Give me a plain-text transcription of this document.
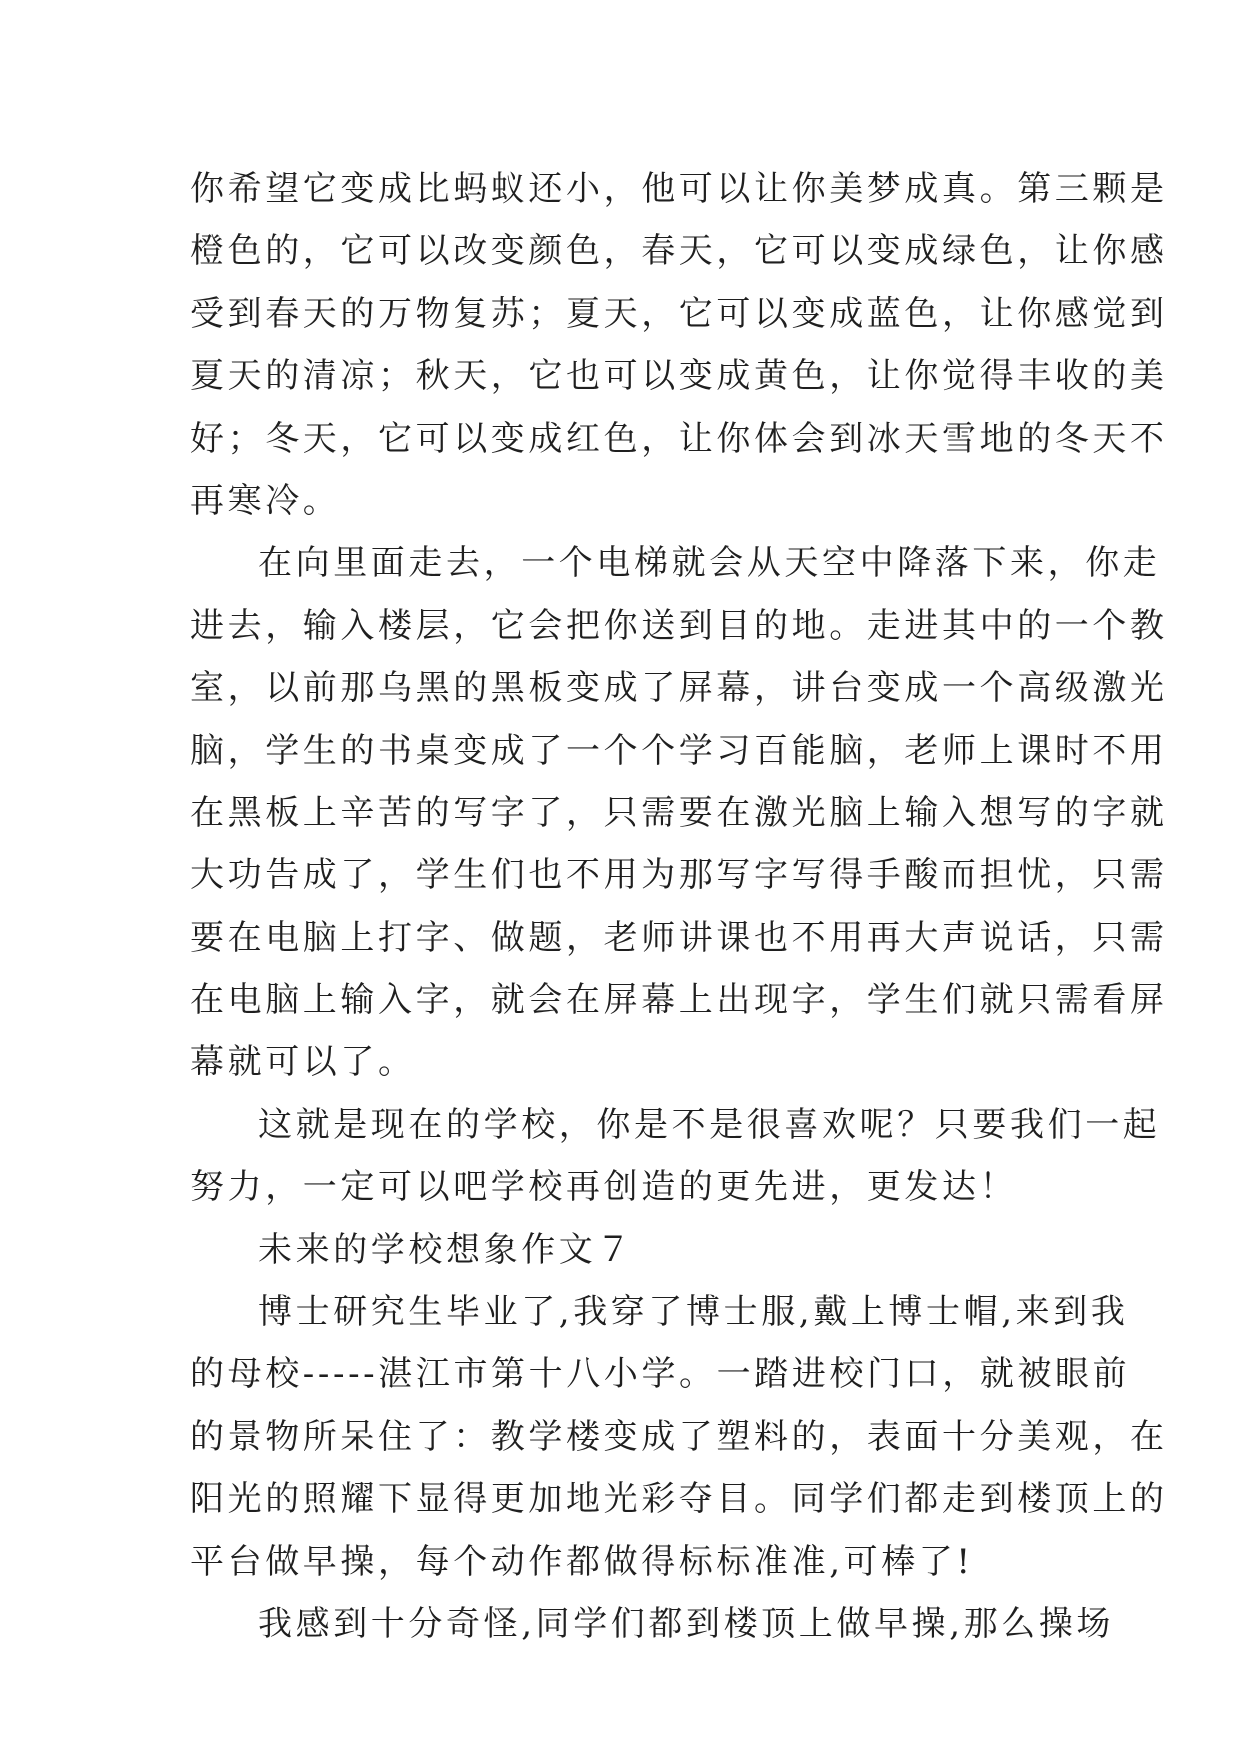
你希望它变成比蚂蚁还小，他可以让你美梦成真。第三颗是
橙色的，它可以改变颜色，春天，它可以变成绿色，让你感
受到春天的万物复苏；夏天，它可以变成蓝色，让你感觉到
夏天的清凉；秋天，它也可以变成黄色，让你觉得丰收的美
好；冬天，它可以变成红色，让你体会到冰天雪地的冬天不
再寒冷。
在向里面走去，一个电梯就会从天空中降落下来，你走
进去，输入楼层，它会把你送到目的地。走进其中的一个教
室，以前那乌黑的黑板变成了屏幕，讲台变成一个高级激光
脑，学生的书桌变成了一个个学习百能脑，老师上课时不用
在黑板上辛苦的写字了，只需要在激光脑上输入想写的字就
大功告成了，学生们也不用为那写字写得手酸而担忧，只需
要在电脑上打字、做题，老师讲课也不用再大声说话，只需
在电脑上输入字，就会在屏幕上出现字，学生们就只需看屏
幕就可以了。
这就是现在的学校，你是不是很喜欢呢？只要我们一起
努力，一定可以吧学校再创造的更先进，更发达！
未来的学校想象作文７
博士研究生毕业了,我穿了博士服,戴上博士帽,来到我
的母校-----湛江市第十八小学。一踏进校门口，就被眼前
的景物所呆住了：教学楼变成了塑料的，表面十分美观，在
阳光的照耀下显得更加地光彩夺目。同学们都走到楼顶上的
平台做早操，每个动作都做得标标准准,可棒了!
我感到十分奇怪,同学们都到楼顶上做早操,那么操场
